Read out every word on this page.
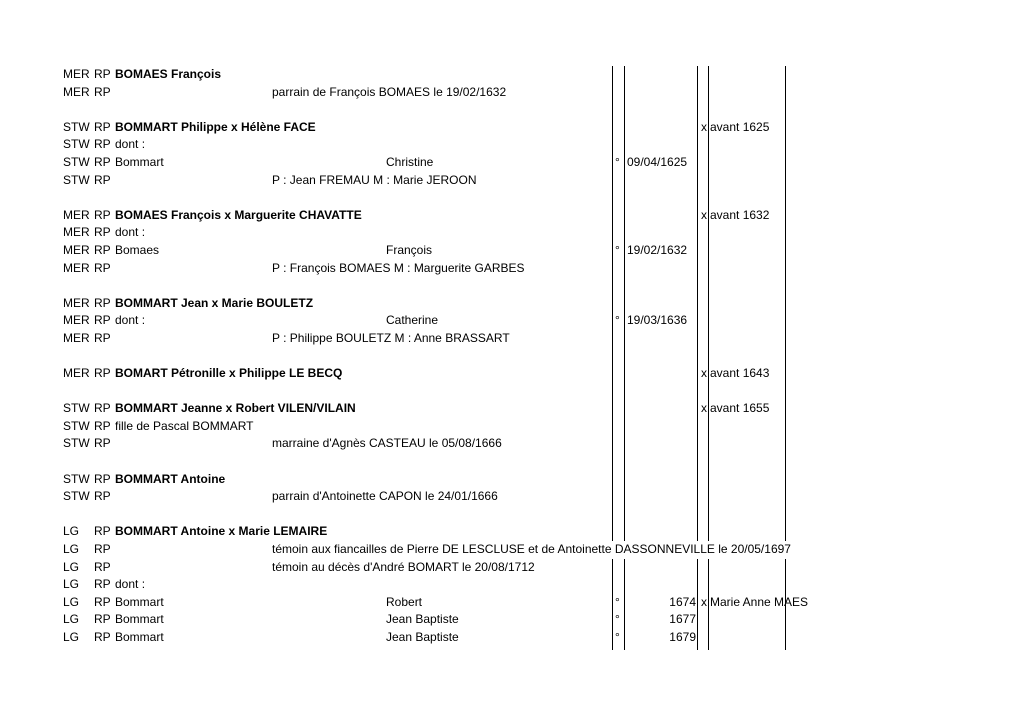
MER RP BOMAES François
MER RP	parrain de François BOMAES le 19/02/1632
STW RP BOMMART Philippe x Hélène FACE	x avant 1625
STW RP dont :
STW RP Bommart	Christine	° 09/04/1625
STW RP	P : Jean FREMAU M : Marie JEROON
MER RP BOMAES François x Marguerite CHAVATTE	x avant 1632
MER RP dont :
MER RP Bomaes	François	° 19/02/1632
MER RP	P : François BOMAES M : Marguerite GARBES
MER RP BOMMART Jean x Marie BOULETZ
MER RP dont :	Catherine	° 19/03/1636
MER RP	P : Philippe BOULETZ M : Anne BRASSART
MER RP BOMART Pétronille x Philippe LE BECQ	x avant 1643
STW RP BOMMART Jeanne x Robert VILEN/VILAIN	x avant 1655
STW RP fille de Pascal BOMMART
STW RP	marraine d'Agnès CASTEAU le 05/08/1666
STW RP BOMMART Antoine
STW RP	parrain d'Antoinette CAPON le 24/01/1666
LG RP BOMMART Antoine x Marie LEMAIRE
LG RP	témoin aux fiancailles de Pierre DE LESCLUSE et de Antoinette DASSONNEVILLE le 20/05/1697
LG RP	témoin au décès d'André BOMART le 20/08/1712
LG RP dont :
LG RP Bommart	Robert	°	1674 x Marie Anne MAES
LG RP Bommart	Jean Baptiste	°	1677
LG RP Bommart	Jean Baptiste	°	1679
